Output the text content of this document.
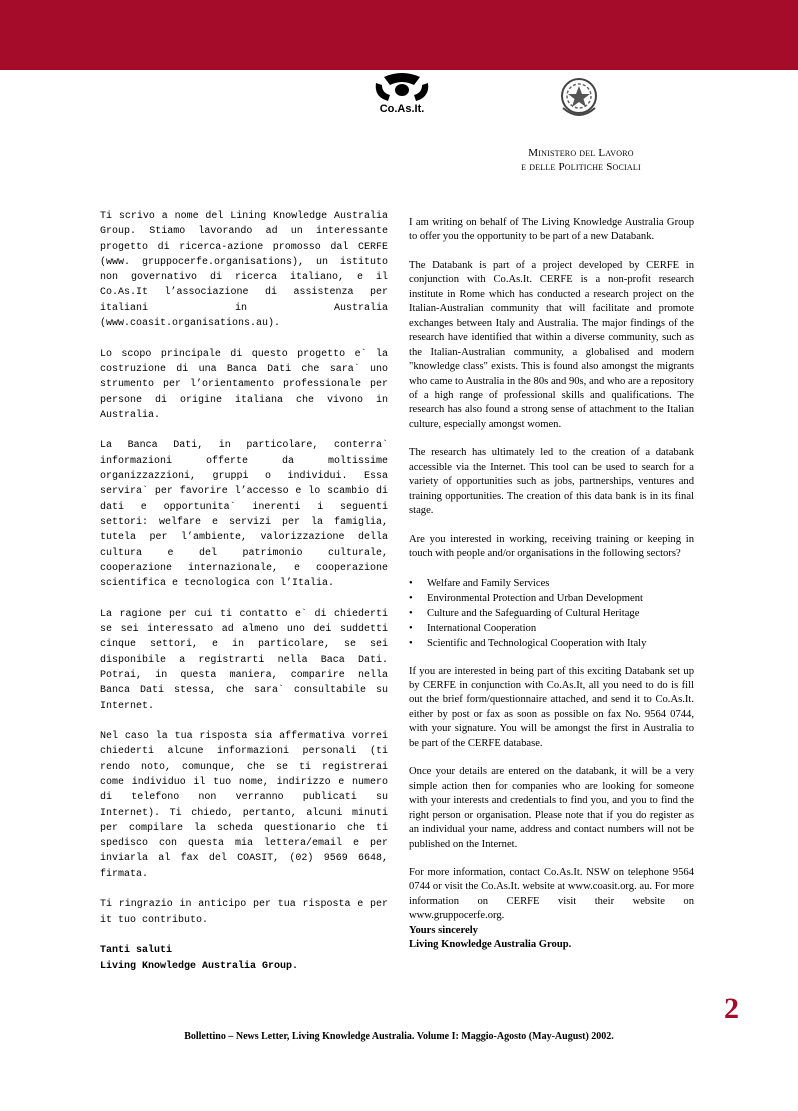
Co.As.It.
Ministero del Lavoro
e delle Politiche Sociali

Ti scrivo a nome del Lining Knowledge Australia Group. Stiamo lavorando ad un interessante progetto di ricerca-azione promosso dal CERFE (www. gruppocerfe.organisations), un istituto non governativo di ricerca italiano, e il Co.As.It l’associazione di assistenza per italiani in Australia (www.coasit.organisations.au).

Lo scopo principale di questo progetto e` la costruzione di una Banca Dati che sara` uno strumento per l’orientamento professionale per persone di origine italiana che vivono in Australia.

La Banca Dati, in particolare, conterra` informazioni offerte da moltissime organizzazzioni, gruppi o individui. Essa servira` per favorire l’accesso e lo scambio di dati e opportunita` inerenti i seguenti settori: welfare e servizi per la famiglia, tutela per l’ambiente, valorizzazione della cultura e del patrimonio culturale, cooperazione internazionale, e cooperazione scientifica e tecnologica con l’Italia.

La ragione per cui ti contatto e` di chiederti se sei interessato ad almeno uno dei suddetti cinque settori, e in particolare, se sei disponibile a registrarti nella Baca Dati. Potrai, in questa maniera, comparire nella Banca Dati stessa, che sara` consultabile su Internet.

Nel caso la tua risposta sia affermativa vorrei chiederti alcune informazioni personali (ti rendo noto, comunque, che se ti registrerai come individuo il tuo nome, indirizzo e numero di telefono non verranno publicati su Internet). Ti chiedo, pertanto, alcuni minuti per compilare la scheda questionario che ti spedisco con questa mia lettera/email e per inviarla al fax del COASIT, (02) 9569 6648, firmata.

Ti ringrazio in anticipo per tua risposta e per it tuo contributo.

Tanti saluti
Living Knowledge Australia Group.

I am writing on behalf of The Living Knowledge Australia Group to offer you the opportunity to be part of a new Databank.

The Databank is part of a project developed by CERFE in conjunction with Co.As.It. CERFE is a non-profit research institute in Rome which has conducted a research project on the Italian-Australian community that will facilitate and promote exchanges between Italy and Australia. The major findings of the research have identified that within a diverse community, such as the Italian-Australian community, a globalised and modern "knowledge class" exists. This is found also amongst the migrants who came to Australia in the 80s and 90s, and who are a repository of a high range of professional skills and qualifications. The research has also found a strong sense of attachment to the Italian culture, especially amongst women.

The research has ultimately led to the creation of a databank accessible via the Internet. This tool can be used to search for a variety of opportunities such as jobs, partnerships, ventures and training opportunities. The creation of this data bank is in its final stage.

Are you interested in working, receiving training or keeping in touch with people and/or organisations in the following sectors?

• Welfare and Family Services
• Environmental Protection and Urban Development
• Culture and the Safeguarding of Cultural Heritage
• International Cooperation
• Scientific and Technological Cooperation with Italy

If you are interested in being part of this exciting Databank set up by CERFE in conjunction with Co.As.It, all you need to do is fill out the brief form/questionnaire attached, and send it to Co.As.It. either by post or fax as soon as possible on fax No. 9564 0744, with your signature. You will be amongst the first in Australia to be part of the CERFE database.

Once your details are entered on the databank, it will be a very simple action then for companies who are looking for someone with your interests and credentials to find you, and you to find the right person or organisation. Please note that if you do register as an individual your name, address and contact numbers will not be published on the Internet.

For more information, contact Co.As.It. NSW on telephone 9564 0744 or visit the Co.As.It. website at www.coasit.org. au. For more information on CERFE visit their website on www.gruppocerfe.org.

Yours sincerely
Living Knowledge Australia Group.
2
Bollettino – News Letter, Living Knowledge Australia. Volume I: Maggio-Agosto (May-August) 2002.
